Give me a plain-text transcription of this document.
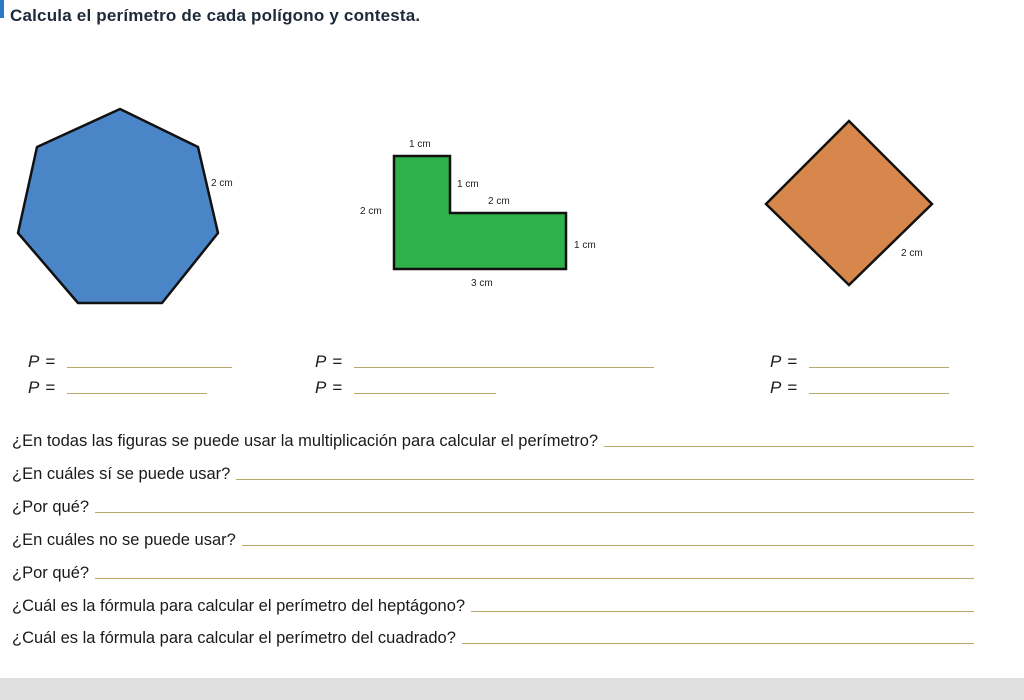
Calcula el perímetro de cada polígono y contesta.
2 cm
1 cm
1 cm
2 cm
2 cm
1 cm
3 cm
2 cm
P =
P =
P =
P =
P =
P =
¿En todas las figuras se puede usar la multiplicación para calcular el perímetro?
¿En cuáles sí se puede usar?
¿Por qué?
¿En cuáles no se puede usar?
¿Por qué?
¿Cuál es la fórmula para calcular el perímetro del heptágono?
¿Cuál es la fórmula para calcular el perímetro del cuadrado?
